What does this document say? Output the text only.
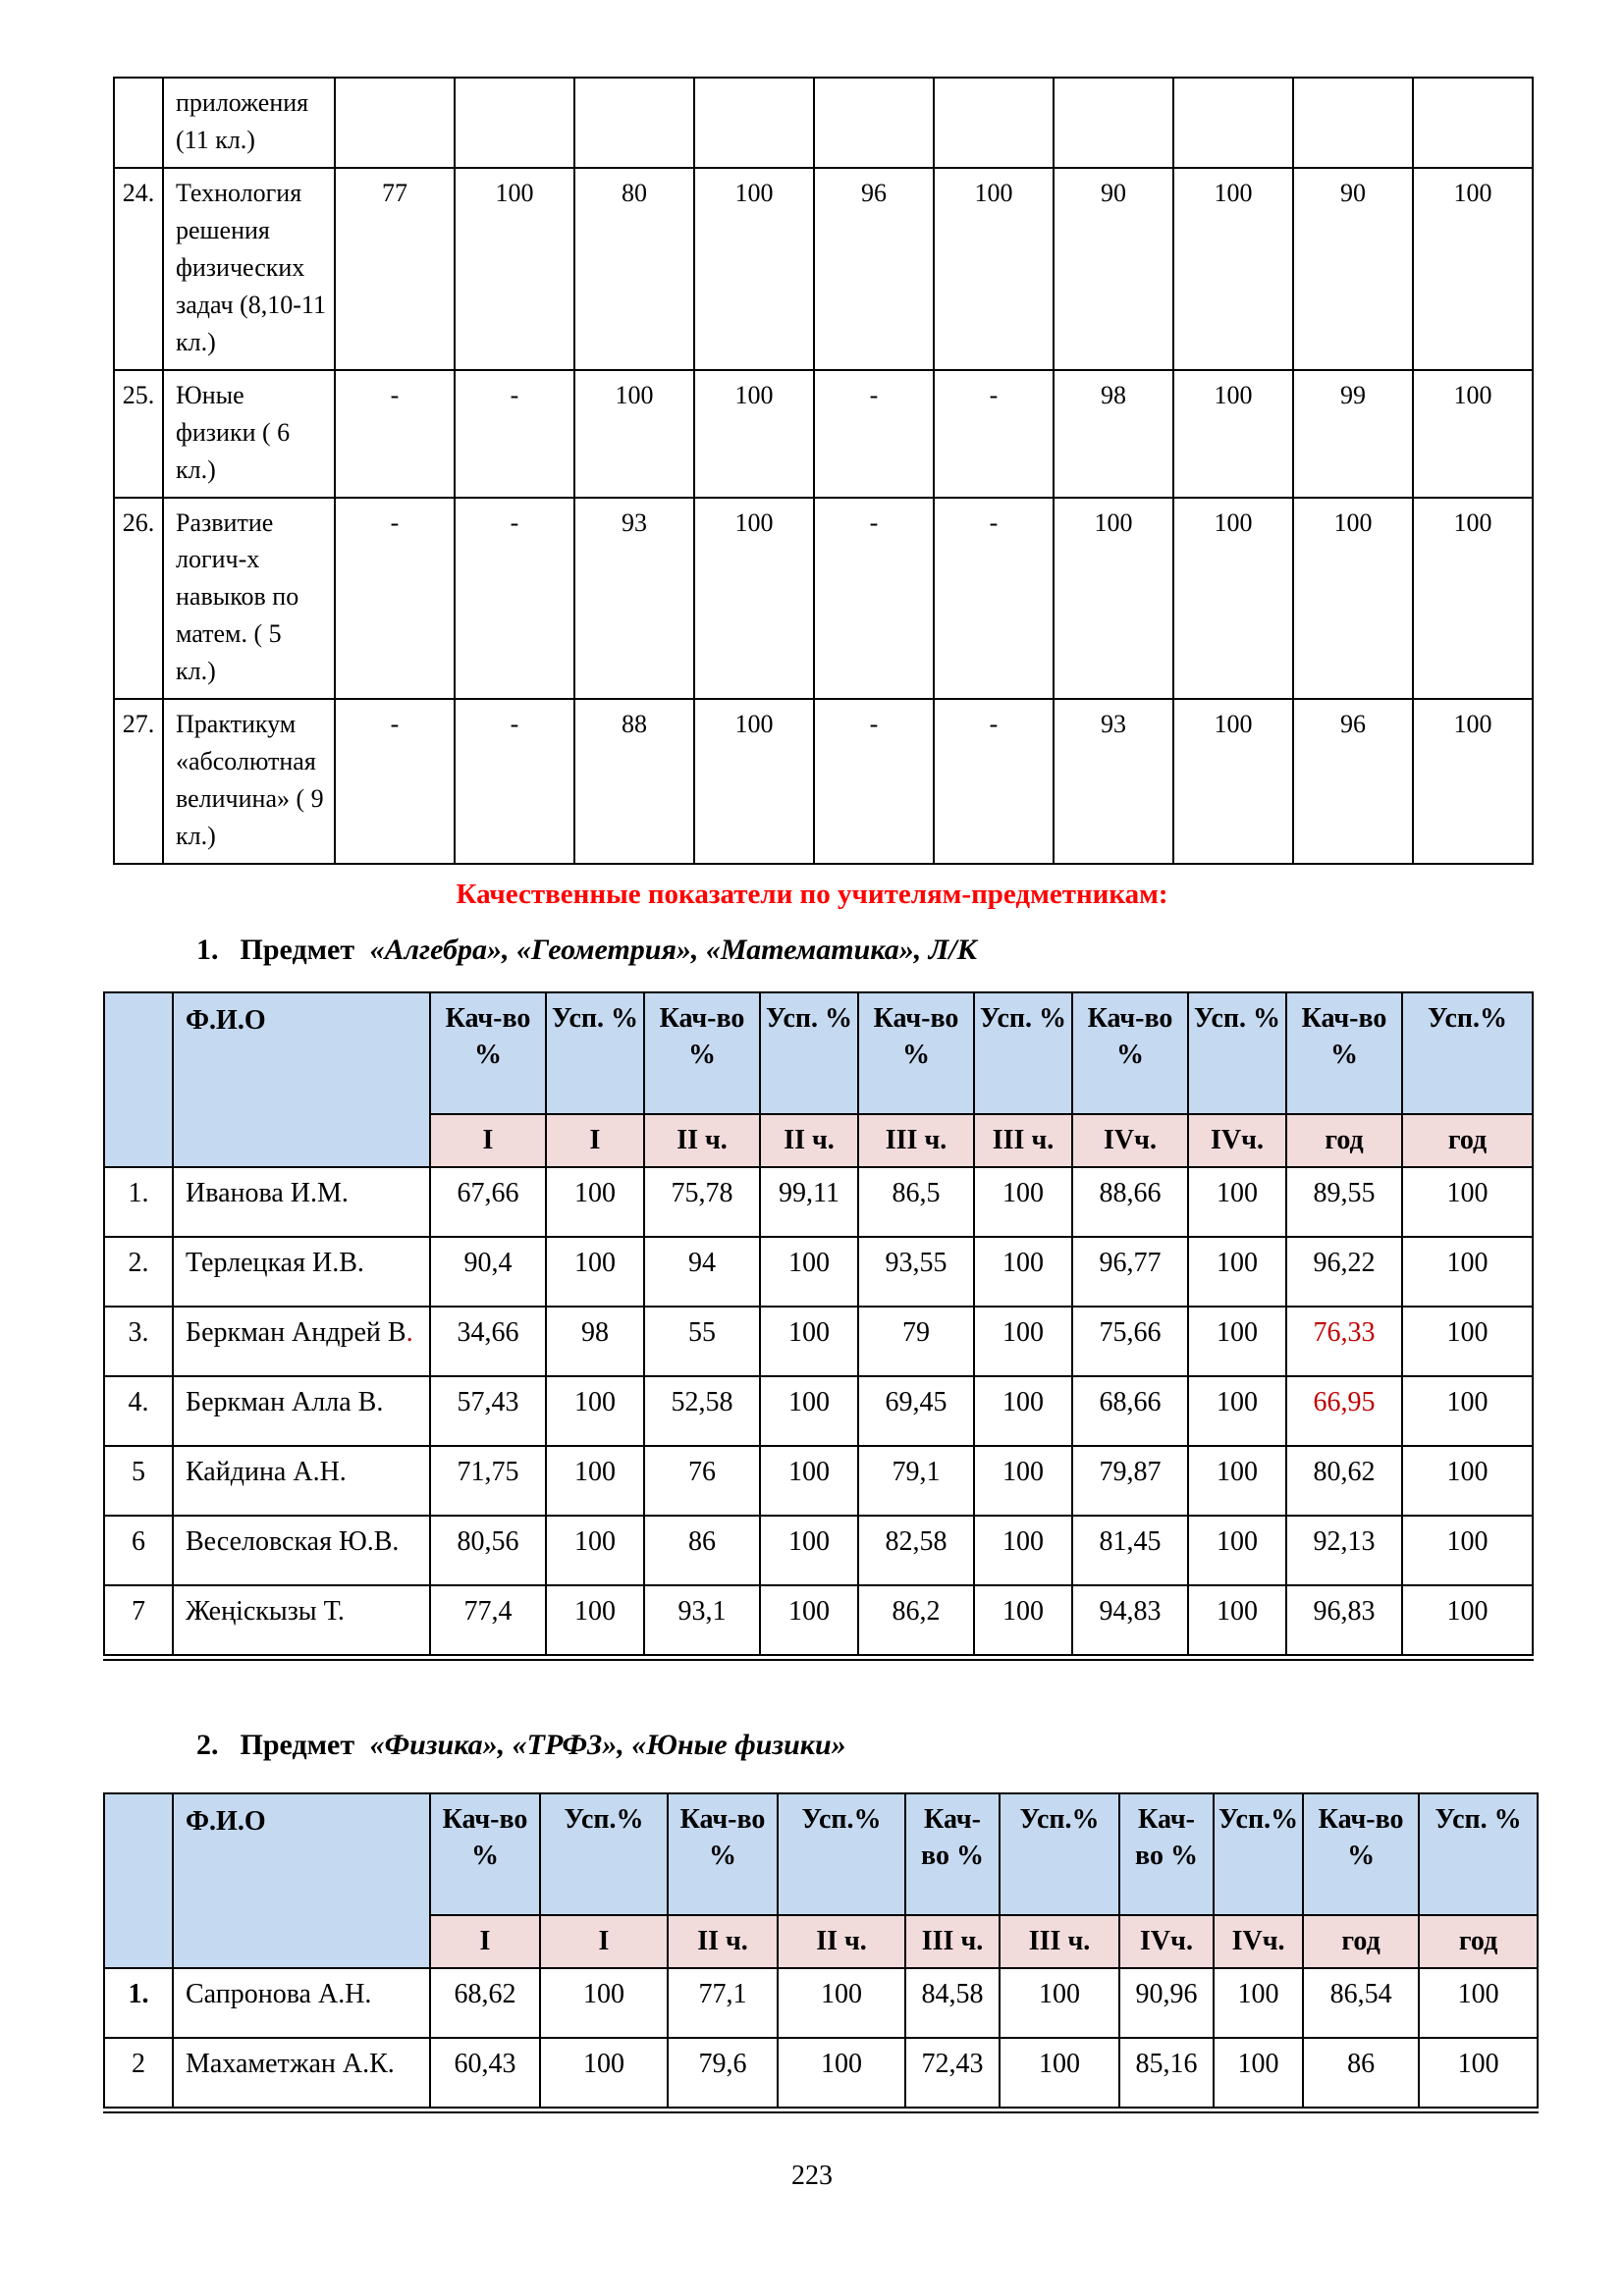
	приложения (11 кл.)										
24.	Технология решения физических задач (8,10-11 кл.)	77	100	80	100	96	100	90	100	90	100
25.	Юные физики ( 6 кл.)	-	-	100	100	-	-	98	100	99	100
26.	Развитие логич-х навыков по матем. ( 5 кл.)	-	-	93	100	-	-	100	100	100	100
27.	Практикум «абсолютная величина» ( 9 кл.)	-	-	88	100	-	-	93	100	96	100
Качественные показатели по учителям-предметникам:
1. Предмет «Алгебра», «Геометрия», «Математика», Л/К
	Ф.И.О	Кач-во %	Усп. %	Кач-во %	Усп. %	Кач-во %	Усп. %	Кач-во %	Усп. %	Кач-во %	Усп.%
		I	I	II ч.	II ч.	III ч.	III ч.	IVч.	IVч.	год	год
1.	Иванова И.М.	67,66	100	75,78	99,11	86,5	100	88,66	100	89,55	100
2.	Терлецкая И.В.	90,4	100	94	100	93,55	100	96,77	100	96,22	100
3.	Беркман Андрей В.	34,66	98	55	100	79	100	75,66	100	76,33	100
4.	Беркман Алла В.	57,43	100	52,58	100	69,45	100	68,66	100	66,95	100
5	Кайдина А.Н.	71,75	100	76	100	79,1	100	79,87	100	80,62	100
6	Веселовская Ю.В.	80,56	100	86	100	82,58	100	81,45	100	92,13	100
7	Жеңіскызы Т.	77,4	100	93,1	100	86,2	100	94,83	100	96,83	100
2. Предмет «Физика», «ТРФЗ», «Юные физики»
	Ф.И.О	Кач-во %	Усп.%	Кач-во %	Усп.%	Кач-во %	Усп.%	Кач-во %	Усп.%	Кач-во %	Усп. %
		I	I	II ч.	II ч.	III ч.	III ч.	IVч.	IVч.	год	год
1.	Сапронова А.Н.	68,62	100	77,1	100	84,58	100	90,96	100	86,54	100
2	Махаметжан А.К.	60,43	100	79,6	100	72,43	100	85,16	100	86	100
223
